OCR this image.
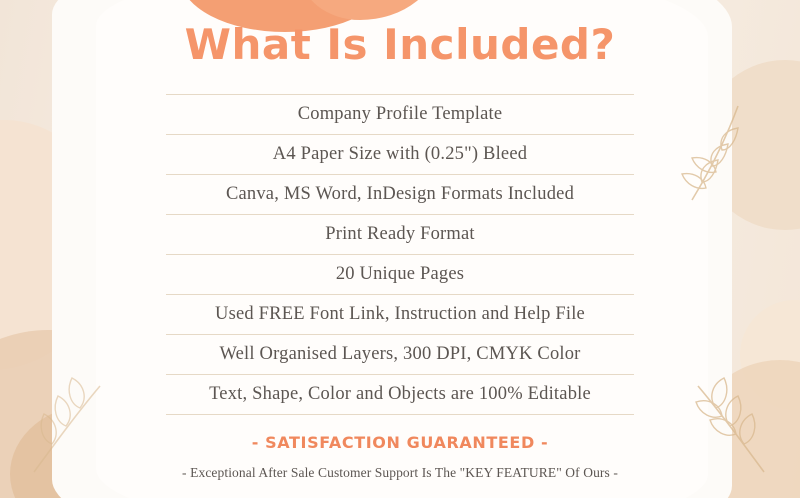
What Is Included?
Company Profile Template
A4 Paper Size with (0.25") Bleed
Canva, MS Word, InDesign Formats Included
Print Ready Format
20 Unique Pages
Used FREE Font Link, Instruction and Help File
Well Organised Layers, 300 DPI, CMYK Color
Text, Shape, Color and Objects are 100% Editable
- SATISFACTION GUARANTEED -
- Exceptional After Sale Customer Support Is The "KEY FEATURE" Of Ours -
